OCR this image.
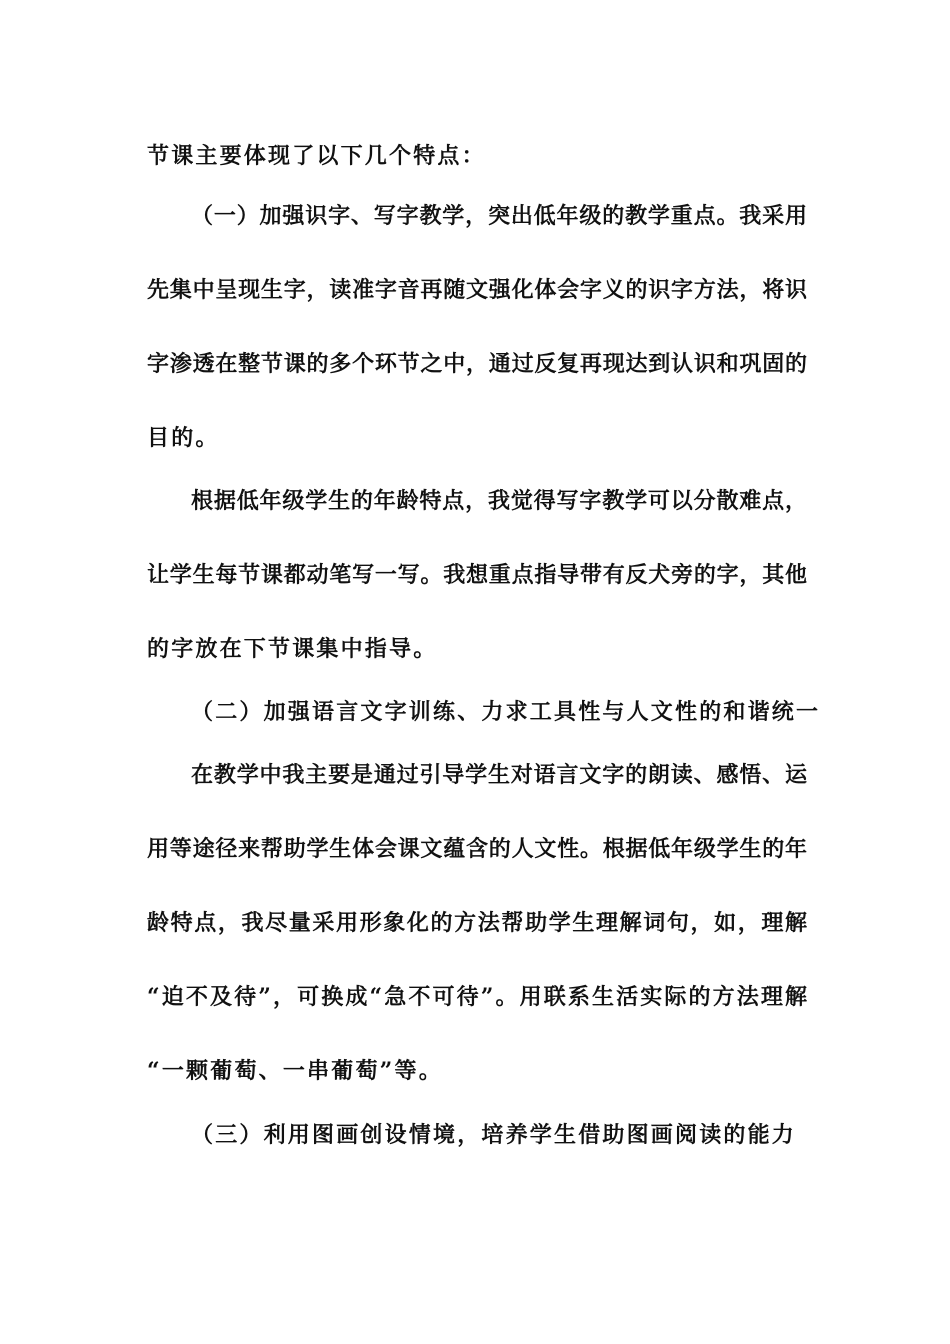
节课主要体现了以下几个特点：
（一）加强识字、写字教学，突出低年级的教学重点。我采用
先集中呈现生字，读准字音再随文强化体会字义的识字方法，将识
字渗透在整节课的多个环节之中，通过反复再现达到认识和巩固的
目的。
根据低年级学生的年龄特点，我觉得写字教学可以分散难点，
让学生每节课都动笔写一写。我想重点指导带有反犬旁的字，其他
的字放在下节课集中指导。
（二）加强语言文字训练、力求工具性与人文性的和谐统一
在教学中我主要是通过引导学生对语言文字的朗读、感悟、运
用等途径来帮助学生体会课文蕴含的人文性。根据低年级学生的年
龄特点，我尽量采用形象化的方法帮助学生理解词句，如，理解
“迫不及待”，可换成“急不可待”。用联系生活实际的方法理解
“一颗葡萄、一串葡萄”等。
（三）利用图画创设情境，培养学生借助图画阅读的能力
